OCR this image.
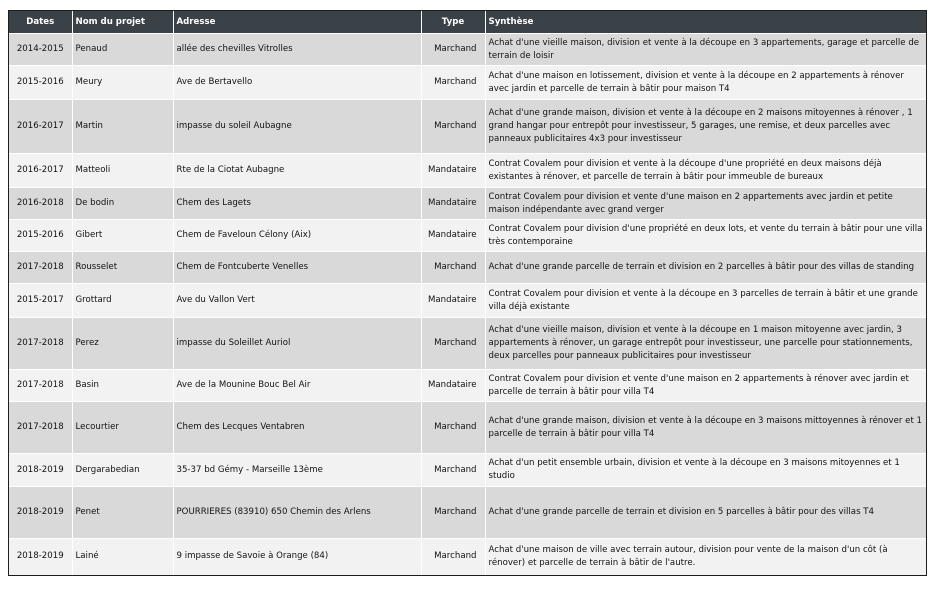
Dates	Nom du projet	Adresse	Type	Synthèse
2014-2015	Penaud	allée des chevilles Vitrolles	Marchand	Achat d'une vieille maison, division et vente à la découpe en 3 appartements, garage et parcelle de terrain de loisir
2015-2016	Meury	Ave de Bertavello	Marchand	Achat d'une maison en lotissement, division et vente à la découpe en 2 appartements à rénover avec jardin et parcelle de terrain à bâtir pour maison T4
2016-2017	Martin	impasse du soleil Aubagne	Marchand	Achat d'une grande maison, division et vente à la découpe en 2 maisons mitoyennes à rénover , 1 grand hangar pour entrepôt pour investisseur, 5 garages, une remise, et deux parcelles avec panneaux publicitaires 4x3 pour investisseur
2016-2017	Matteoli	Rte de la Ciotat Aubagne	Mandataire	Contrat Covalem pour division et vente à la découpe d'une propriété en deux maisons déjà existantes à rénover, et parcelle de terrain à bâtir pour immeuble de bureaux
2016-2018	De bodin	Chem des Lagets	Mandataire	Contrat Covalem pour division et vente d'une maison en 2 appartements avec jardin et petite maison indépendante avec grand verger
2015-2016	Gibert	Chem de Faveloun Célony (Aix)	Mandataire	Contrat Covalem pour division d'une propriété en deux lots, et vente du terrain à bâtir pour une villa très contemporaine
2017-2018	Rousselet	Chem de Fontcuberte Venelles	Marchand	Achat d'une grande parcelle de terrain et division en 2 parcelles à bâtir pour des villas de standing
2015-2017	Grottard	Ave du Vallon Vert	Mandataire	Contrat Covalem pour division et vente à la découpe en 3 parcelles de terrain à bâtir et une grande villa déjà existante
2017-2018	Perez	impasse du Soleillet Auriol	Marchand	Achat d'une vieille maison, division et vente à la découpe en 1 maison mitoyenne avec jardin, 3 appartements à rénover, un garage entrepôt pour investisseur, une parcelle pour stationnements, deux parcelles pour panneaux publicitaires pour investisseur
2017-2018	Basin	Ave de la Mounine Bouc Bel Air	Mandataire	Contrat Covalem pour division et vente d'une maison en 2 appartements à rénover avec jardin et parcelle de terrain à bâtir pour villa T4
2017-2018	Lecourtier	Chem des Lecques Ventabren	Marchand	Achat d'une grande maison, division et vente à la découpe en 3 maisons mittoyennes à rénover et 1 parcelle de terrain à bâtir pour villa T4
2018-2019	Dergarabedian	35-37 bd Gémy - Marseille 13ème	Marchand	Achat d'un petit ensemble urbain, division et vente à la découpe en 3 maisons mitoyennes et 1 studio
2018-2019	Penet	POURRIERES (83910) 650 Chemin des Arlens	Marchand	Achat d'une grande parcelle de terrain et division en 5 parcelles à bâtir pour des villas T4
2018-2019	Lainé	9 impasse de Savoie à Orange (84)	Marchand	Achat d'une maison de ville avec terrain autour, division pour vente de la maison d'un côt (à rénover) et parcelle de terrain à bâtir de l'autre.
